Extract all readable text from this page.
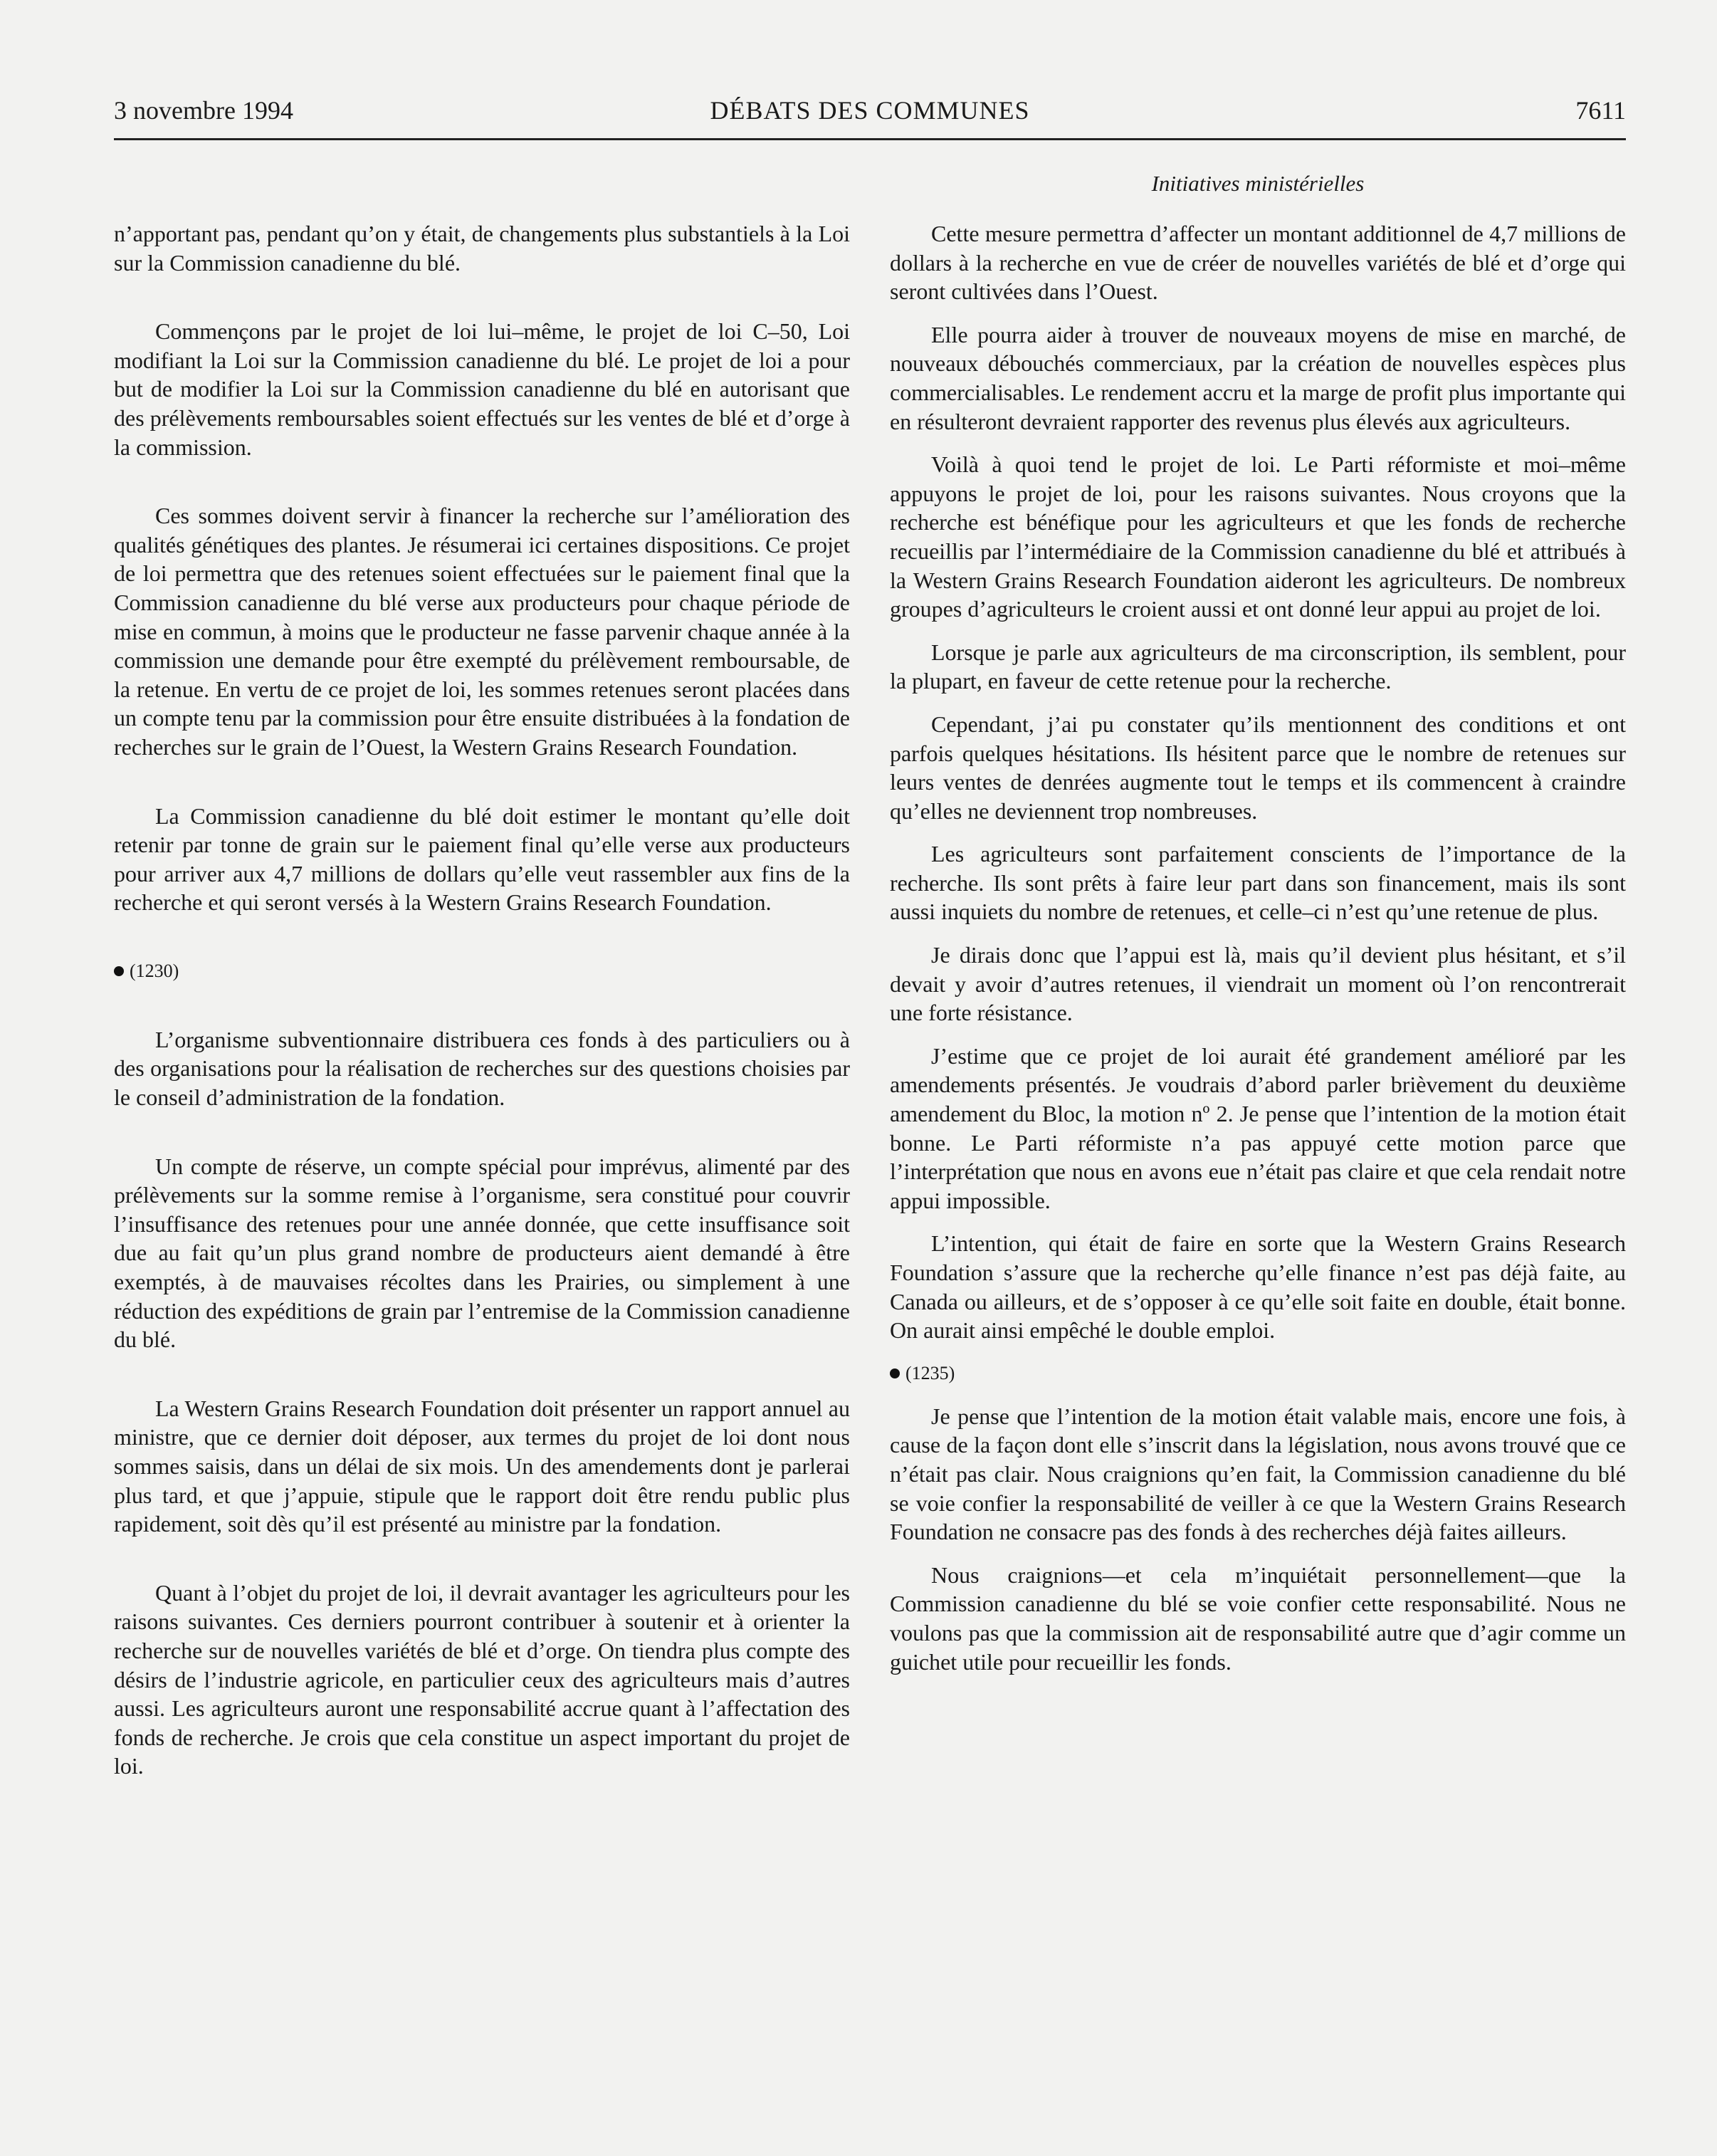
3 novembre 1994	DÉBATS DES COMMUNES	7611
Initiatives ministérielles

n’apportant pas, pendant qu’on y était, de changements plus substantiels à la Loi sur la Commission canadienne du blé.

Commençons par le projet de loi lui–même, le projet de loi C–50, Loi modifiant la Loi sur la Commission canadienne du blé. Le projet de loi a pour but de modifier la Loi sur la Commission canadienne du blé en autorisant que des prélèvements remboursables soient effectués sur les ventes de blé et d’orge à la commission.

Ces sommes doivent servir à financer la recherche sur l’amélioration des qualités génétiques des plantes. Je résumerai ici certaines dispositions. Ce projet de loi permettra que des retenues soient effectuées sur le paiement final que la Commission canadienne du blé verse aux producteurs pour chaque période de mise en commun, à moins que le producteur ne fasse parvenir chaque année à la commission une demande pour être exempté du prélèvement remboursable, de la retenue. En vertu de ce projet de loi, les sommes retenues seront placées dans un compte tenu par la commission pour être ensuite distribuées à la fondation de recherches sur le grain de l’Ouest, la Western Grains Research Foundation.

La Commission canadienne du blé doit estimer le montant qu’elle doit retenir par tonne de grain sur le paiement final qu’elle verse aux producteurs pour arriver aux 4,7 millions de dollars qu’elle veut rassembler aux fins de la recherche et qui seront versés à la Western Grains Research Foundation.

(1230)

L’organisme subventionnaire distribuera ces fonds à des particuliers ou à des organisations pour la réalisation de recherches sur des questions choisies par le conseil d’administration de la fondation.

Un compte de réserve, un compte spécial pour imprévus, alimenté par des prélèvements sur la somme remise à l’organisme, sera constitué pour couvrir l’insuffisance des retenues pour une année donnée, que cette insuffisance soit due au fait qu’un plus grand nombre de producteurs aient demandé à être exemptés, à de mauvaises récoltes dans les Prairies, ou simplement à une réduction des expéditions de grain par l’entremise de la Commission canadienne du blé.

La Western Grains Research Foundation doit présenter un rapport annuel au ministre, que ce dernier doit déposer, aux termes du projet de loi dont nous sommes saisis, dans un délai de six mois. Un des amendements dont je parlerai plus tard, et que j’appuie, stipule que le rapport doit être rendu public plus rapidement, soit dès qu’il est présenté au ministre par la fondation.

Quant à l’objet du projet de loi, il devrait avantager les agriculteurs pour les raisons suivantes. Ces derniers pourront contribuer à soutenir et à orienter la recherche sur de nouvelles variétés de blé et d’orge. On tiendra plus compte des désirs de l’industrie agricole, en particulier ceux des agriculteurs mais d’autres aussi. Les agriculteurs auront une responsabilité accrue quant à l’affectation des fonds de recherche. Je crois que cela constitue un aspect important du projet de loi.

Cette mesure permettra d’affecter un montant additionnel de 4,7 millions de dollars à la recherche en vue de créer de nouvelles variétés de blé et d’orge qui seront cultivées dans l’Ouest.

Elle pourra aider à trouver de nouveaux moyens de mise en marché, de nouveaux débouchés commerciaux, par la création de nouvelles espèces plus commercialisables. Le rendement accru et la marge de profit plus importante qui en résulteront devraient rapporter des revenus plus élevés aux agriculteurs.

Voilà à quoi tend le projet de loi. Le Parti réformiste et moi–même appuyons le projet de loi, pour les raisons suivantes. Nous croyons que la recherche est bénéfique pour les agriculteurs et que les fonds de recherche recueillis par l’intermédiaire de la Commission canadienne du blé et attribués à la Western Grains Research Foundation aideront les agriculteurs. De nombreux groupes d’agriculteurs le croient aussi et ont donné leur appui au projet de loi.

Lorsque je parle aux agriculteurs de ma circonscription, ils semblent, pour la plupart, en faveur de cette retenue pour la recherche.

Cependant, j’ai pu constater qu’ils mentionnent des conditions et ont parfois quelques hésitations. Ils hésitent parce que le nombre de retenues sur leurs ventes de denrées augmente tout le temps et ils commencent à craindre qu’elles ne deviennent trop nombreuses.

Les agriculteurs sont parfaitement conscients de l’importance de la recherche. Ils sont prêts à faire leur part dans son financement, mais ils sont aussi inquiets du nombre de retenues, et celle–ci n’est qu’une retenue de plus.

Je dirais donc que l’appui est là, mais qu’il devient plus hésitant, et s’il devait y avoir d’autres retenues, il viendrait un moment où l’on rencontrerait une forte résistance.

J’estime que ce projet de loi aurait été grandement amélioré par les amendements présentés. Je voudrais d’abord parler brièvement du deuxième amendement du Bloc, la motion nº 2. Je pense que l’intention de la motion était bonne. Le Parti réformiste n’a pas appuyé cette motion parce que l’interprétation que nous en avons eue n’était pas claire et que cela rendait notre appui impossible.

L’intention, qui était de faire en sorte que la Western Grains Research Foundation s’assure que la recherche qu’elle finance n’est pas déjà faite, au Canada ou ailleurs, et de s’opposer à ce qu’elle soit faite en double, était bonne. On aurait ainsi empêché le double emploi.

(1235)

Je pense que l’intention de la motion était valable mais, encore une fois, à cause de la façon dont elle s’inscrit dans la législation, nous avons trouvé que ce n’était pas clair. Nous craignions qu’en fait, la Commission canadienne du blé se voie confier la responsabilité de veiller à ce que la Western Grains Research Foundation ne consacre pas des fonds à des recherches déjà faites ailleurs.

Nous craignions—et cela m’inquiétait personnellement—que la Commission canadienne du blé se voie confier cette responsabilité. Nous ne voulons pas que la commission ait de responsabilité autre que d’agir comme un guichet utile pour recueillir les fonds.
